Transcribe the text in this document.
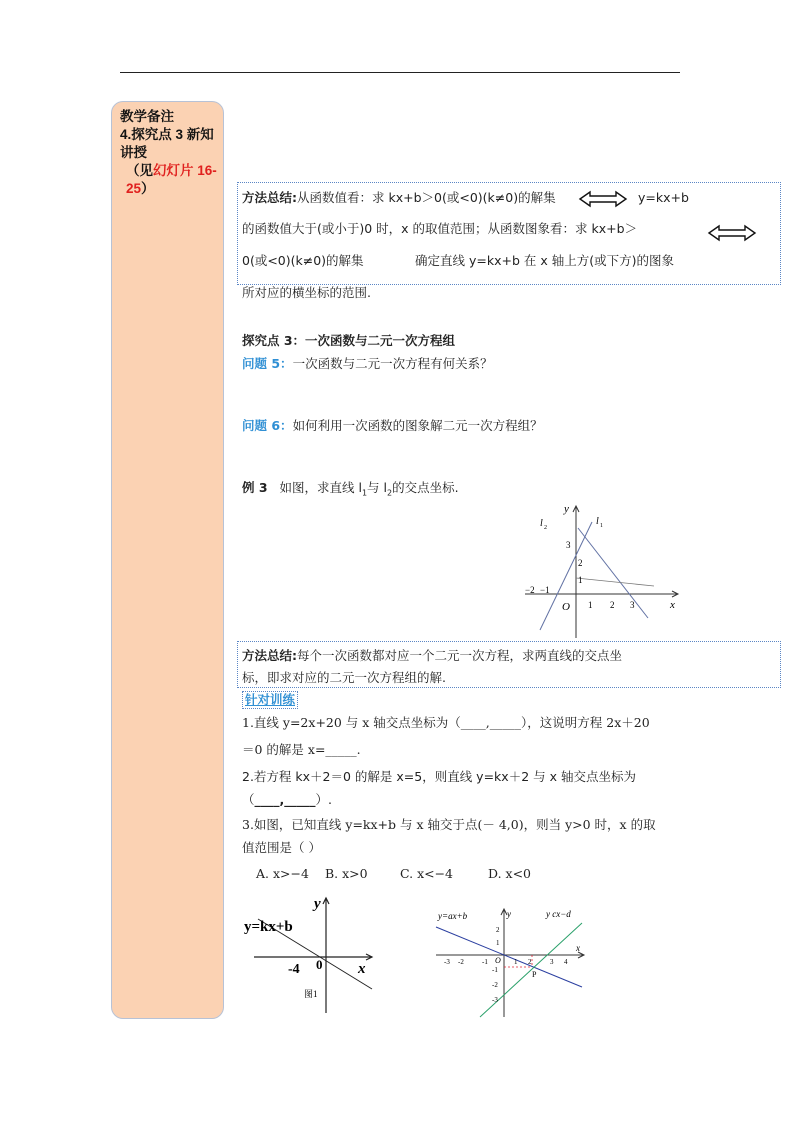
教学备注
4.探究点 3 新知讲授
（见幻灯片 16-25）
方法总结:从函数值看：求 kx+b＞0(或<0)(k≠0)的解集	y=kx+b
的函数值大于(或小于)0 时，x 的取值范围；从函数图象看：求 kx+b＞
0(或<0)(k≠0)的解集	确定直线 y=kx+b 在 x 轴上方(或下方)的图象
所对应的横坐标的范围.
探究点 3：一次函数与二元一次方程组
问题 5：一次函数与二元一次方程有何关系？
问题 6：如何利用一次函数的图象解二元一次方程组？
例 3 如图，求直线 $l_1$与 $l_2$的交点坐标.
y
x
O
l 1
l 2
3
2
1
−1
−2
1 2 3
方法总结:每个一次函数都对应一个二元一次方程，求两直线的交点坐
标，即求对应的二元一次方程组的解.
针对训练
1.直线 y=2x+20 与 x 轴交点坐标为（____,_____），这说明方程 2x＋20
＝0 的解是 x=_____.
2.若方程 kx＋2＝0 的解是 x=5，则直线 y=kx＋2 与 x 轴交点坐标为
（____,_____）.
3.如图，已知直线 y=kx+b 与 x 轴交于点(－ 4,0)，则当 y>0 时，x 的取
值范围是（ ）
A. x>−4 B. x>0	C. x<−4	D. x<0
y=kx+b
y
x
-4 0
图1
y=ax+b	y cx−d
y
x
O
P
-3 -2	-1	1 2	3 4
2
1
-1
-2
-3
